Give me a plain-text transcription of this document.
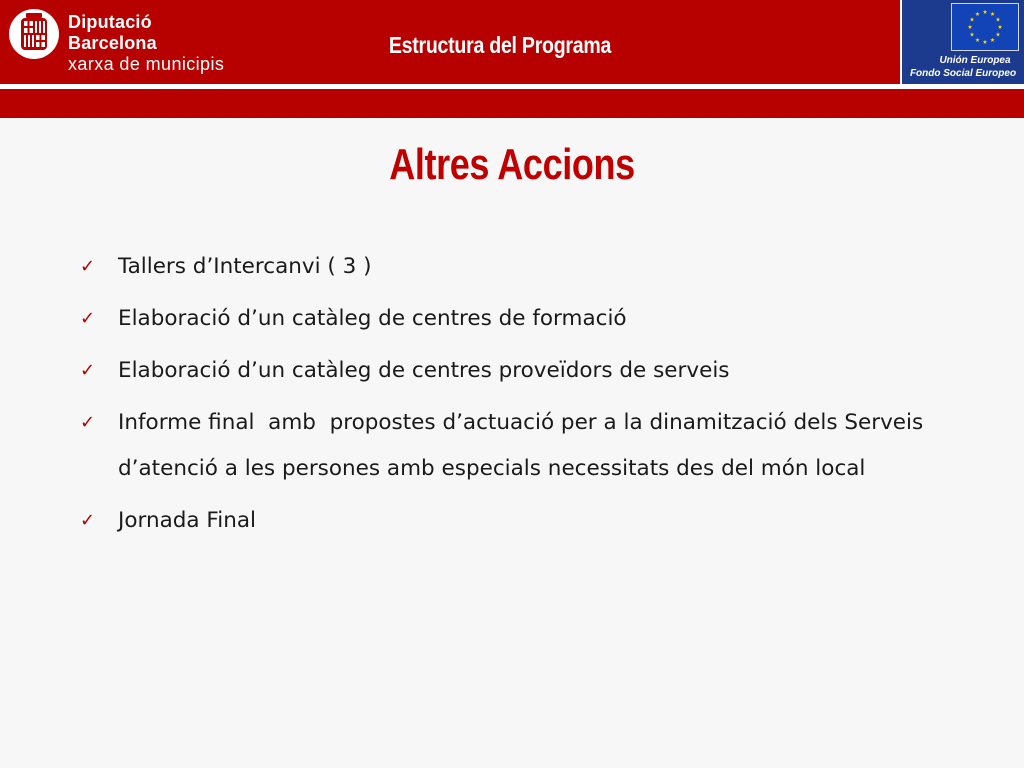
Diputació
Barcelona
xarxa de municipis
Estructura del Programa
Unión Europea
Fondo Social Europeo
Altres Accions
✓ Tallers d’Intercanvi ( 3 )
✓ Elaboració d’un catàleg de centres de formació
✓ Elaboració d’un catàleg de centres proveïdors de serveis
✓ Informe final  amb  propostes d’actuació per a la dinamització dels Serveis d’atenció a les persones amb especials necessitats des del món local
✓ Jornada Final
